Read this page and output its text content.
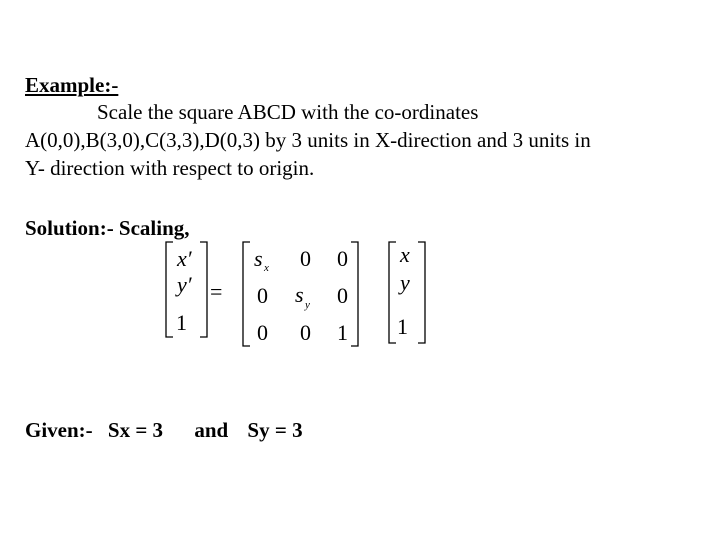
Example:-
Scale the square ABCD with the co-ordinates
A(0,0),B(3,0),C(3,3),D(0,3) by 3 units in X-direction and 3 units in
Y- direction with respect to origin.
Solution:- Scaling,
x′
y′
1
=
s x 0 0
0 s y 0
0 0 1
x
y
1
Given:- Sx = 3 and Sy = 3
